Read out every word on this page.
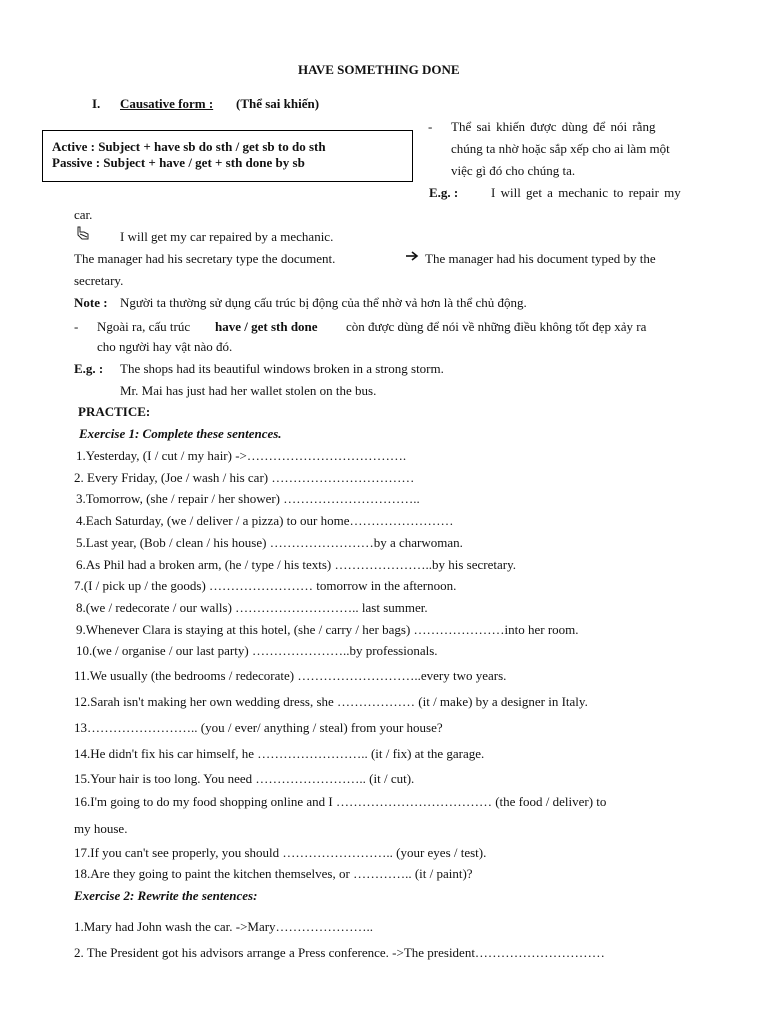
HAVE SOMETHING DONE
I. Causative form : (Thể sai khiến)
Active : Subject + have sb do sth / get sb to do sth
Passive : Subject + have / get + sth done by sb
- Thể sai khiến được dùng để nói rằng
chúng ta nhờ hoặc sắp xếp cho ai làm một
việc gì đó cho chúng ta.
E.g. :	I will get a mechanic to repair my
car.
I will get my car repaired by a mechanic.
The manager had his secretary type the document.	The manager had his document typed by the
secretary.
Note : Người ta thường sử dụng cấu trúc bị động của thể nhờ vả hơn là thể chủ động.
- Ngoài ra, cấu trúc have / get sth done còn được dùng để nói về những điều không tốt đẹp xảy ra
cho người hay vật nào đó.
E.g. : The shops had its beautiful windows broken in a strong storm.
Mr. Mai has just had her wallet stolen on the bus.
PRACTICE:
Exercise 1: Complete these sentences.
1.Yesterday, (I / cut / my hair) ->……………………………….
2. Every Friday, (Joe / wash / his car) ……………………………
3.Tomorrow, (she / repair / her shower) …………………………..
4.Each Saturday, (we / deliver / a pizza) to our home……………………
5.Last year, (Bob / clean / his house) ……………………by a charwoman.
6.As Phil had a broken arm, (he / type / his texts) …………………..by his secretary.
7.(I / pick up / the goods) …………………… tomorrow in the afternoon.
8.(we / redecorate / our walls) ……………………….. last summer.
9.Whenever Clara is staying at this hotel, (she / carry / her bags) …………………into her room.
10.(we / organise / our last party) …………………..by professionals.
11.We usually (the bedrooms / redecorate) ………………………..every two years.
12.Sarah isn't making her own wedding dress, she ……………… (it / make) by a designer in Italy.
13…………………….. (you / ever/ anything / steal) from your house?
14.He didn't fix his car himself, he …………………….. (it / fix) at the garage.
15.Your hair is too long. You need …………………….. (it / cut).
16.I'm going to do my food shopping online and I ……………………………… (the food / deliver) to
my house.
17.If you can't see properly, you should …………………….. (your eyes / test).
18.Are they going to paint the kitchen themselves, or ………….. (it / paint)?
Exercise 2: Rewrite the sentences:
1.Mary had John wash the car. ->Mary…………………..
2. The President got his advisors arrange a Press conference. ->The president…………………………
